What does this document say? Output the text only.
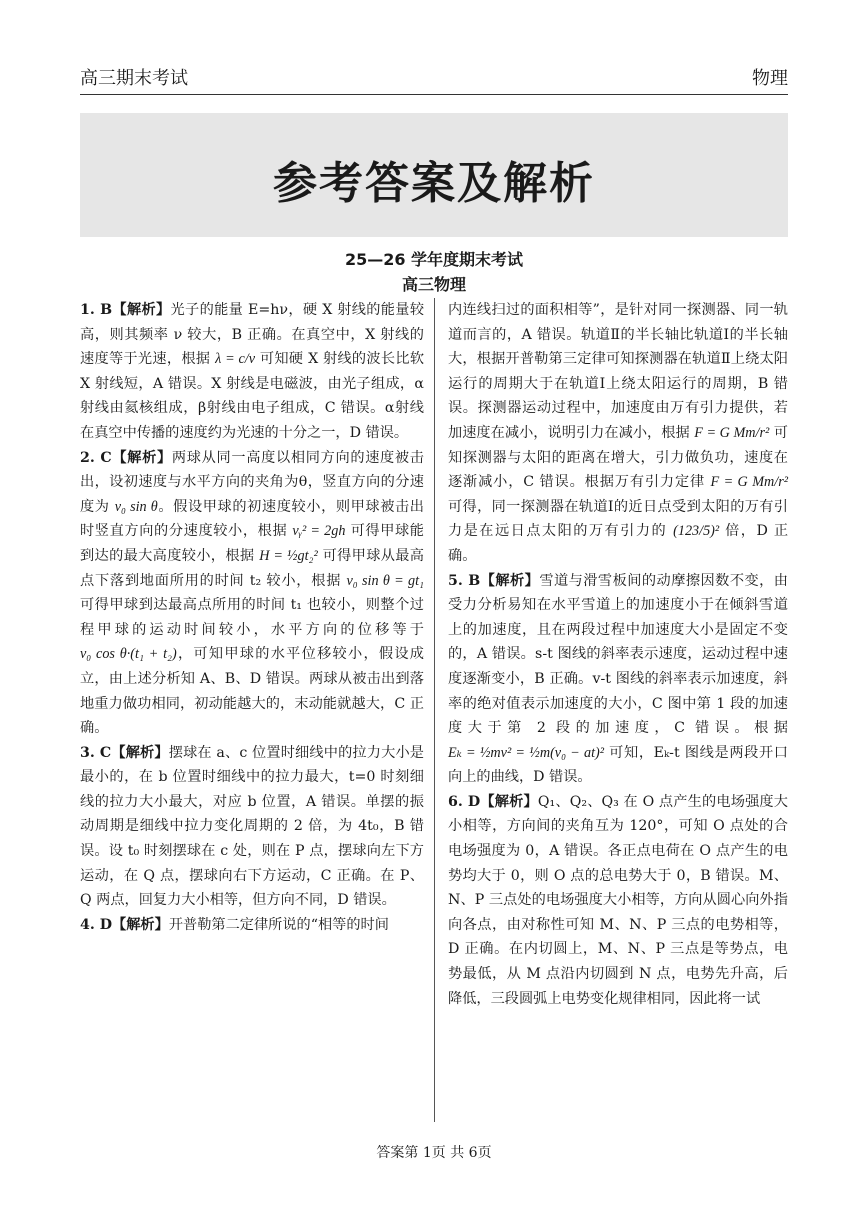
高三期末考试	物理
参考答案及解析
25—26 学年度期末考试
高三物理

1. B【解析】光子的能量 E=hν，硬 X 射线的能量较高，则其频率 ν 较大，B 正确。在真空中，X 射线的速度等于光速，根据 λ = c/ν 可知硬 X 射线的波长比软 X 射线短，A 错误。X 射线是电磁波，由光子组成，α射线由氦核组成，β射线由电子组成，C 错误。α射线在真空中传播的速度约为光速的十分之一，D 错误。

2. C【解析】两球从同一高度以相同方向的速度被击出，设初速度与水平方向的夹角为θ，竖直方向的分速度为 v₀ sin θ。假设甲球的初速度较小，则甲球被击出时竖直方向的分速度较小，根据 vᵧ² = 2gh 可得甲球能到达的最大高度较小，根据 H = ½gt₂² 可得甲球从最高点下落到地面所用的时间 t₂ 较小，根据 v₀ sin θ = gt₁ 可得甲球到达最高点所用的时间 t₁ 也较小，则整个过程甲球的运动时间较小，水平方向的位移等于 v₀ cos θ·(t₁ + t₂)，可知甲球的水平位移较小，假设成立，由上述分析知 A、B、D 错误。两球从被击出到落地重力做功相同，初动能越大的，末动能就越大，C 正确。

3. C【解析】摆球在 a、c 位置时细线中的拉力大小是最小的，在 b 位置时细线中的拉力最大，t=0 时刻细线的拉力大小最大，对应 b 位置，A 错误。单摆的振动周期是细线中拉力变化周期的 2 倍，为 4t₀，B 错误。设 t₀ 时刻摆球在 c 处，则在 P 点，摆球向左下方运动，在 Q 点，摆球向右下方运动，C 正确。在 P、Q 两点，回复力大小相等，但方向不同，D 错误。

4. D【解析】开普勒第二定律所说的“相等的时间

内连线扫过的面积相等”，是针对同一探测器、同一轨道而言的，A 错误。轨道Ⅱ的半长轴比轨道Ⅰ的半长轴大，根据开普勒第三定律可知探测器在轨道Ⅱ上绕太阳运行的周期大于在轨道Ⅰ上绕太阳运行的周期，B 错误。探测器运动过程中，加速度由万有引力提供，若加速度在减小，说明引力在减小，根据 F = G Mm/r² 可知探测器与太阳的距离在增大，引力做负功，速度在逐渐减小，C 错误。根据万有引力定律 F = G Mm/r² 可得，同一探测器在轨道Ⅰ的近日点受到太阳的万有引力是在远日点太阳的万有引力的 (123/5)² 倍，D 正确。

5. B【解析】雪道与滑雪板间的动摩擦因数不变，由受力分析易知在水平雪道上的加速度小于在倾斜雪道上的加速度，且在两段过程中加速度大小是固定不变的，A 错误。s-t 图线的斜率表示速度，运动过程中速度逐渐变小，B 正确。v-t 图线的斜率表示加速度，斜率的绝对值表示加速度的大小，C 图中第 1 段的加速度大于第 2 段的加速度，C 错误。根据 Eₖ = ½mv² = ½m(v₀ − at)² 可知，Eₖ-t 图线是两段开口向上的曲线，D 错误。

6. D【解析】Q₁、Q₂、Q₃ 在 O 点产生的电场强度大小相等，方向间的夹角互为 120°，可知 O 点处的合电场强度为 0，A 错误。各正点电荷在 O 点产生的电势均大于 0，则 O 点的总电势大于 0，B 错误。M、N、P 三点处的电场强度大小相等，方向从圆心向外指向各点，由对称性可知 M、N、P 三点的电势相等，D 正确。在内切圆上，M、N、P 三点是等势点，电势最低，从 M 点沿内切圆到 N 点，电势先升高，后降低，三段圆弧上电势变化规律相同，因此将一试

答案第 1页 共 6页
